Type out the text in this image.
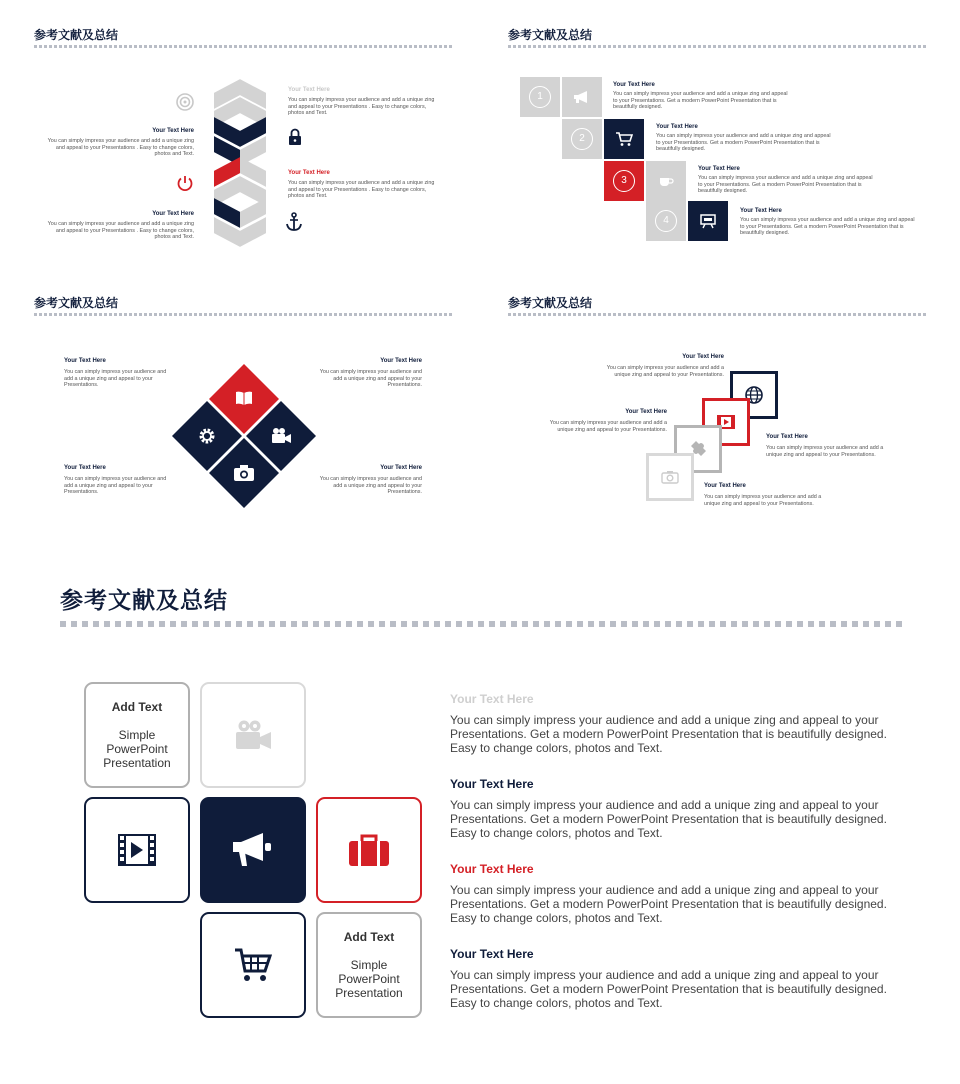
参考文献及总结
Your Text Here
You can simply impress your audience and add a unique zing and appeal to your Presentations . Easy to change colors, photos and Text.
Your Text Here
You can simply impress your audience and add a unique zing and appeal to your Presentations . Easy to change colors, photos and Text.
Your Text Here
You can simply impress your audience and add a unique zing and appeal to your Presentations . Easy to change colors, photos and Text.
Your Text Here
You can simply impress your audience and add a unique zing and appeal to your Presentations . Easy to change colors, photos and Text.
参考文献及总结
1
Your Text Here
You can simply impress your audience and add a unique zing and appeal to your Presentations. Get a modern PowerPoint Presentation that is beautifully designed.
2
Your Text Here
You can simply impress your audience and add a unique zing and appeal to your Presentations. Get a modern PowerPoint Presentation that is beautifully designed.
3
Your Text Here
You can simply impress your audience and add a unique zing and appeal to your Presentations. Get a modern PowerPoint Presentation that is beautifully designed.
4
Your Text Here
You can simply impress your audience and add a unique zing and appeal to your Presentations. Get a modern PowerPoint Presentation that is beautifully designed.
参考文献及总结
Your Text Here
You can simply impress your audience and add a unique zing and appeal to your Presentations.
Your Text Here
You can simply impress your audience and add a unique zing and appeal to your Presentations.
Your Text Here
You can simply impress your audience and add a unique zing and appeal to your Presentations.
Your Text Here
You can simply impress your audience and add a unique zing and appeal to your Presentations.
参考文献及总结
Your Text Here
You can simply impress your audience and add a unique zing and appeal to your Presentations.
Your Text Here
You can simply impress your audience and add a unique zing and appeal to your Presentations.
Your Text Here
You can simply impress your audience and add a unique zing and appeal to your Presentations.
Your Text Here
You can simply impress your audience and add a unique zing and appeal to your Presentations.
参考文献及总结
Add Text
Simple PowerPoint Presentation
Add Text
Simple PowerPoint Presentation
Your Text Here
You can simply impress your audience and add a unique zing and appeal to your Presentations. Get a modern PowerPoint Presentation that is beautifully designed. Easy to change colors, photos and Text.
Your Text Here
You can simply impress your audience and add a unique zing and appeal to your Presentations. Get a modern PowerPoint Presentation that is beautifully designed. Easy to change colors, photos and Text.
Your Text Here
You can simply impress your audience and add a unique zing and appeal to your Presentations. Get a modern PowerPoint Presentation that is beautifully designed. Easy to change colors, photos and Text.
Your Text Here
You can simply impress your audience and add a unique zing and appeal to your Presentations. Get a modern PowerPoint Presentation that is beautifully designed. Easy to change colors, photos and Text.
